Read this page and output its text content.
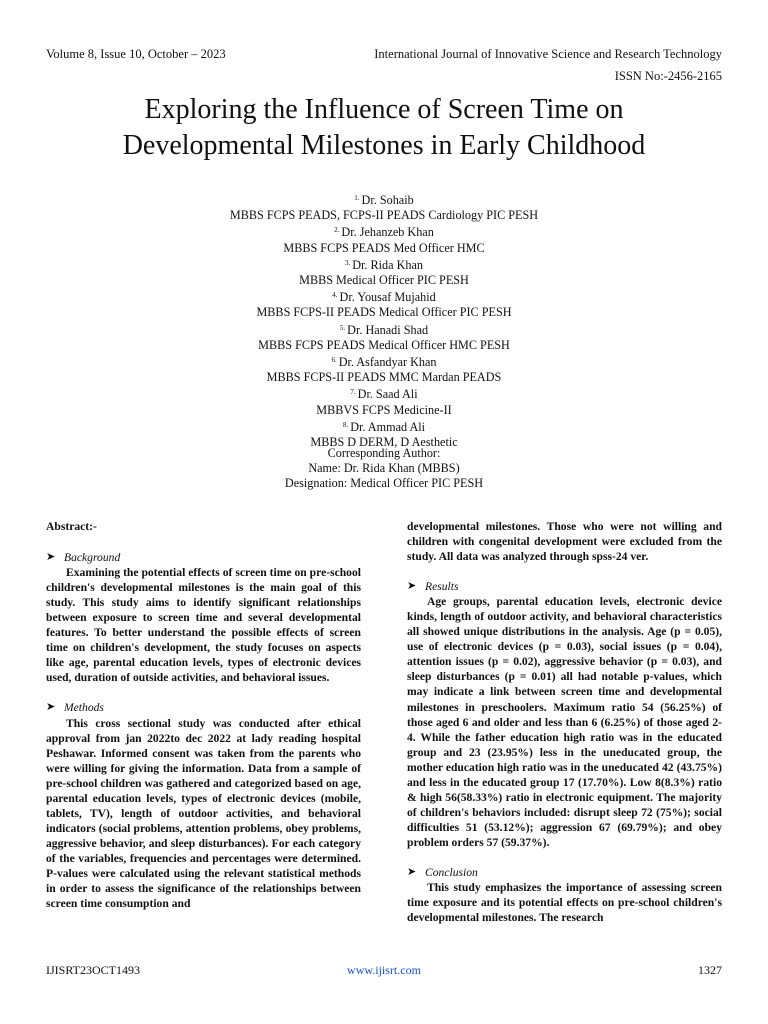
Volume 8, Issue 10, October – 2023	International Journal of Innovative Science and Research Technology
ISSN No:-2456-2165
Exploring the Influence of Screen Time on
Developmental Milestones in Early Childhood
$^{1.}$ Dr. Sohaib
MBBS FCPS PEADS, FCPS-II PEADS Cardiology PIC PESH
$^{2.}$ Dr. Jehanzeb Khan
MBBS FCPS PEADS Med Officer HMC
$^{3.}$ Dr. Rida Khan
MBBS Medical Officer PIC PESH
$^{4.}$ Dr. Yousaf Mujahid
MBBS FCPS-II PEADS Medical Officer PIC PESH
$^{5.}$ Dr. Hanadi Shad
MBBS FCPS PEADS Medical Officer HMC PESH
$^{6.}$ Dr. Asfandyar Khan
MBBS FCPS-II PEADS MMC Mardan PEADS
$^{7.}$ Dr. Saad Ali
MBBVS FCPS Medicine-II
$^{8.}$ Dr. Ammad Ali
MBBS D DERM, D Aesthetic
Corresponding Author:
Name: Dr. Rida Khan (MBBS)
Designation: Medical Officer PIC PESH
Abstract:-
➤ Background

Examining the potential effects of screen time on pre-school children's developmental milestones is the main goal of this study. This study aims to identify significant relationships between exposure to screen time and several developmental features. To better understand the possible effects of screen time on children's development, the study focuses on aspects like age, parental education levels, types of electronic devices used, duration of outside activities, and behavioral issues.

➤ Methods

This cross sectional study was conducted after ethical approval from jan 2022to dec 2022 at lady reading hospital Peshawar. Informed consent was taken from the parents who were willing for giving the information. Data from a sample of pre-school children was gathered and categorized based on age, parental education levels, types of electronic devices (mobile, tablets, TV), length of outdoor activities, and behavioral indicators (social problems, attention problems, obey problems, aggressive behavior, and sleep disturbances). For each category of the variables, frequencies and percentages were determined. P-values were calculated using the relevant statistical methods in order to assess the significance of the relationships between screen time consumption and

developmental milestones. Those who were not willing and children with congenital development were excluded from the study. All data was analyzed through spss-24 ver.

➤ Results

Age groups, parental education levels, electronic device kinds, length of outdoor activity, and behavioral characteristics all showed unique distributions in the analysis. Age (p = 0.05), use of electronic devices (p = 0.03), social issues (p = 0.04), attention issues (p = 0.02), aggressive behavior (p = 0.03), and sleep disturbances (p = 0.01) all had notable p-values, which may indicate a link between screen time and developmental milestones in preschoolers. Maximum ratio 54 (56.25%) of those aged 6 and older and less than 6 (6.25%) of those aged 2-4. While the father education high ratio was in the educated group and 23 (23.95%) less in the uneducated group, the mother education high ratio was in the uneducated 42 (43.75%) and less in the educated group 17 (17.70%). Low 8(8.3%) ratio & high 56(58.33%) ratio in electronic equipment. The majority of children's behaviors included: disrupt sleep 72 (75%); social difficulties 51 (53.12%); aggression 67 (69.79%); and obey problem orders 57 (59.37%).

➤ Conclusion

This study emphasizes the importance of assessing screen time exposure and its potential effects on pre-school children's developmental milestones. The research

IJISRT23OCT1493	www.ijisrt.com	1327
